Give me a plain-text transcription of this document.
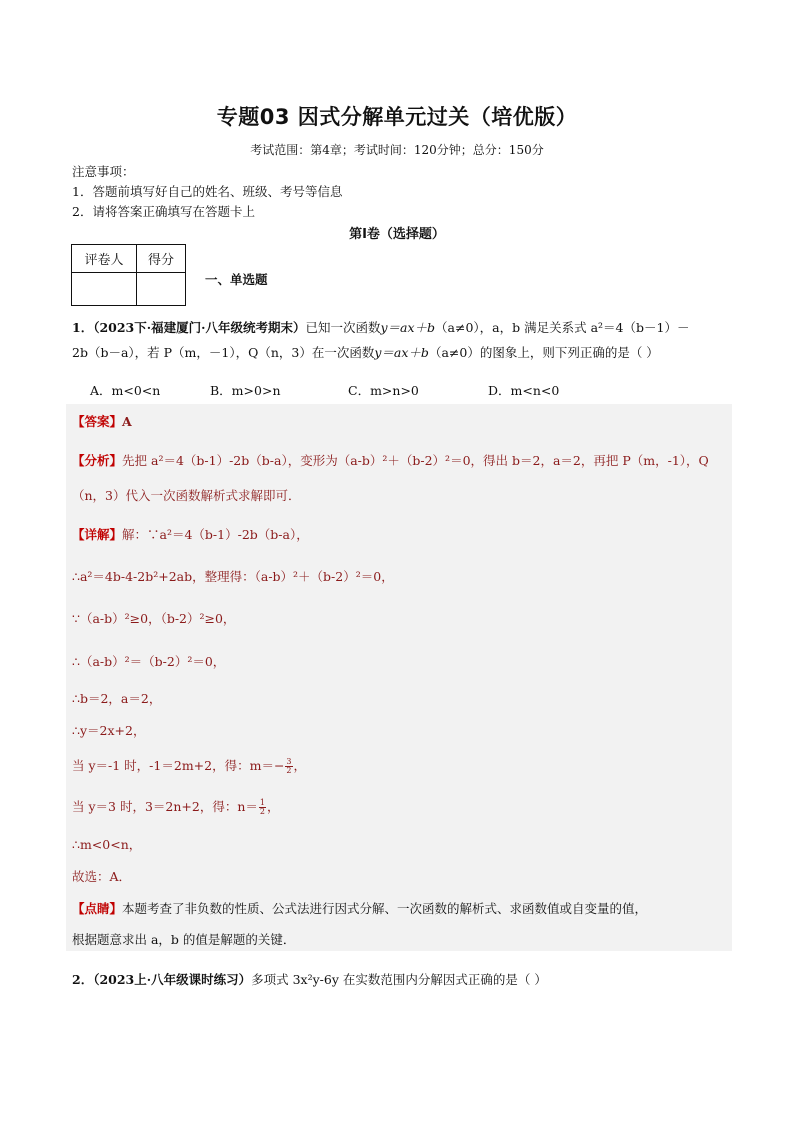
专题03 因式分解单元过关（培优版）
考试范围：第4章；考试时间：120分钟；总分：150分
注意事项：
1．答题前填写好自己的姓名、班级、考号等信息
2．请将答案正确填写在答题卡上
第I卷（选择题）
评卷人	得分

一、单选题
1．（2023下·福建厦门·八年级统考期末）已知一次函数y＝ax＋b（a≠0），a，b 满足关系式 a²＝4（b－1）－
2b（b－a），若 P（m，－1），Q（n，3）在一次函数y＝ax＋b（a≠0）的图象上，则下列正确的是（ ）
A．m<0<n	B．m>0>n	C．m>n>0	D．m<n<0
【答案】A
【分析】先把 a²＝4（b-1）-2b（b-a），变形为（a-b）²＋（b-2）²＝0，得出 b＝2，a＝2，再把 P（m，-1），Q
（n，3）代入一次函数解析式求解即可．
【详解】解：∵a²＝4（b-1）-2b（b-a），
∴a²＝4b-4-2b²+2ab，整理得：（a-b）²＋（b-2）²＝0，
∵（a-b）²≥0，（b-2）²≥0，
∴（a-b）²＝（b-2）²＝0，
∴b＝2，a＝2，
∴y＝2x+2，
当 y＝-1 时，-1＝2m+2，得：$m=- \frac{3}{2}$ ，
当 y＝3 时，3＝2n+2，得：$n= \frac{1}{2}$ ，
∴m<0<n，
故选：A．
【点睛】本题考查了非负数的性质、公式法进行因式分解、一次函数的解析式、求函数值或自变量的值，
根据题意求出 a，b 的值是解题的关键．
2．（2023上·八年级课时练习）多项式 3x²y-6y 在实数范围内分解因式正确的是（ ）
